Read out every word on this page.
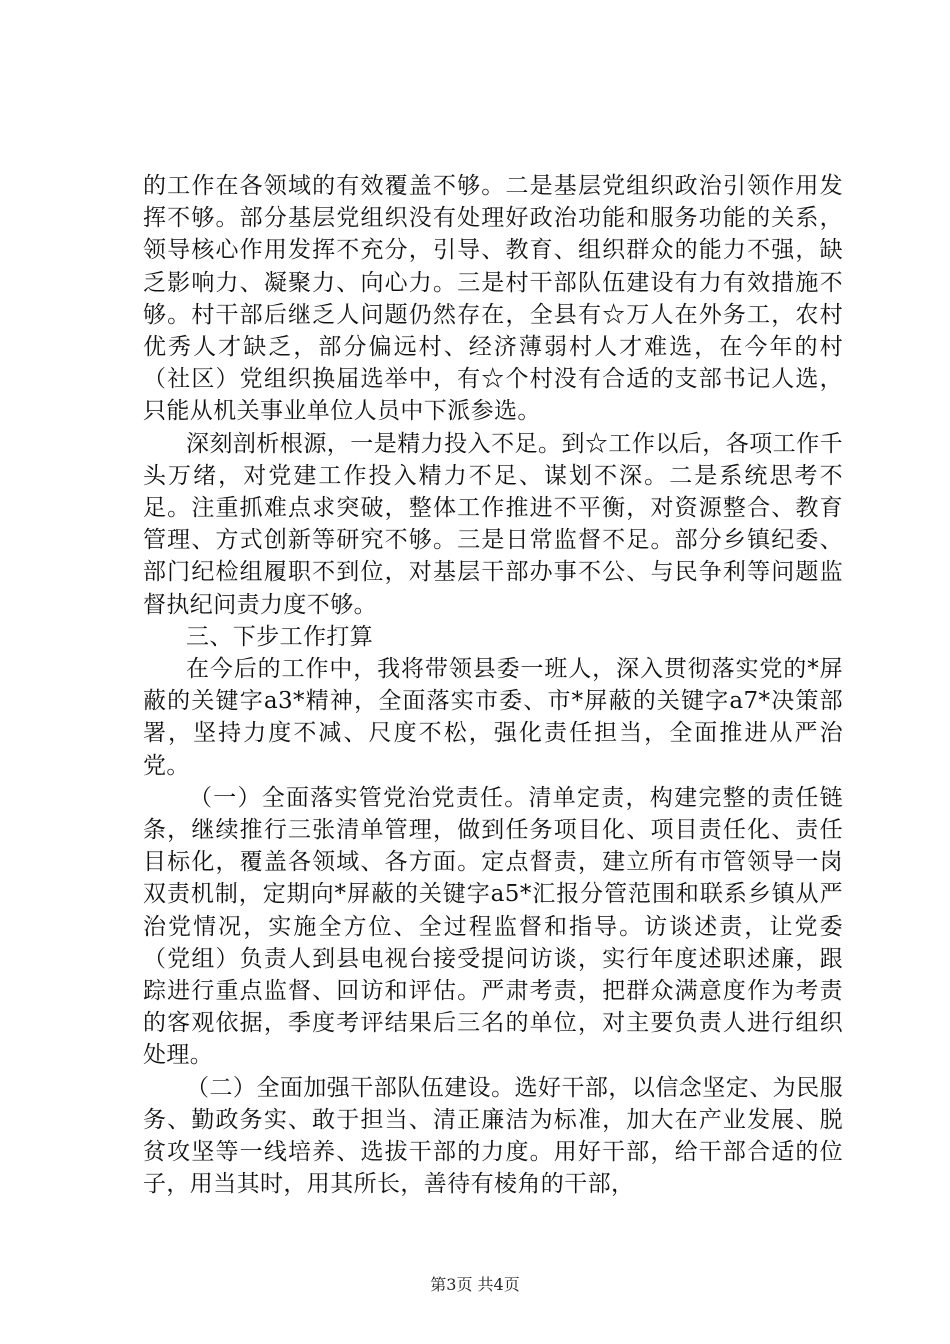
的工作在各领域的有效覆盖不够。二是基层党组织政治引领作用发挥不够。部分基层党组织没有处理好政治功能和服务功能的关系，领导核心作用发挥不充分，引导、教育、组织群众的能力不强，缺乏影响力、凝聚力、向心力。三是村干部队伍建设有力有效措施不够。村干部后继乏人问题仍然存在，全县有☆万人在外务工，农村优秀人才缺乏，部分偏远村、经济薄弱村人才难选，在今年的村（社区）党组织换届选举中，有☆个村没有合适的支部书记人选，只能从机关事业单位人员中下派参选。

深刻剖析根源，一是精力投入不足。到☆工作以后，各项工作千头万绪，对党建工作投入精力不足、谋划不深。二是系统思考不足。注重抓难点求突破，整体工作推进不平衡，对资源整合、教育管理、方式创新等研究不够。三是日常监督不足。部分乡镇纪委、部门纪检组履职不到位，对基层干部办事不公、与民争利等问题监督执纪问责力度不够。

三、下步工作打算

在今后的工作中，我将带领县委一班人，深入贯彻落实党的*屏蔽的关键字a3*精神，全面落实市委、市*屏蔽的关键字a7*决策部署，坚持力度不减、尺度不松，强化责任担当，全面推进从严治党。

（一）全面落实管党治党责任。清单定责，构建完整的责任链条，继续推行三张清单管理，做到任务项目化、项目责任化、责任目标化，覆盖各领域、各方面。定点督责，建立所有市管领导一岗双责机制，定期向*屏蔽的关键字a5*汇报分管范围和联系乡镇从严治党情况，实施全方位、全过程监督和指导。访谈述责，让党委（党组）负责人到县电视台接受提问访谈，实行年度述职述廉，跟踪进行重点监督、回访和评估。严肃考责，把群众满意度作为考责的客观依据，季度考评结果后三名的单位，对主要负责人进行组织处理。

（二）全面加强干部队伍建设。选好干部，以信念坚定、为民服务、勤政务实、敢于担当、清正廉洁为标准，加大在产业发展、脱贫攻坚等一线培养、选拔干部的力度。用好干部，给干部合适的位子，用当其时，用其所长，善待有棱角的干部，

第3页 共4页
